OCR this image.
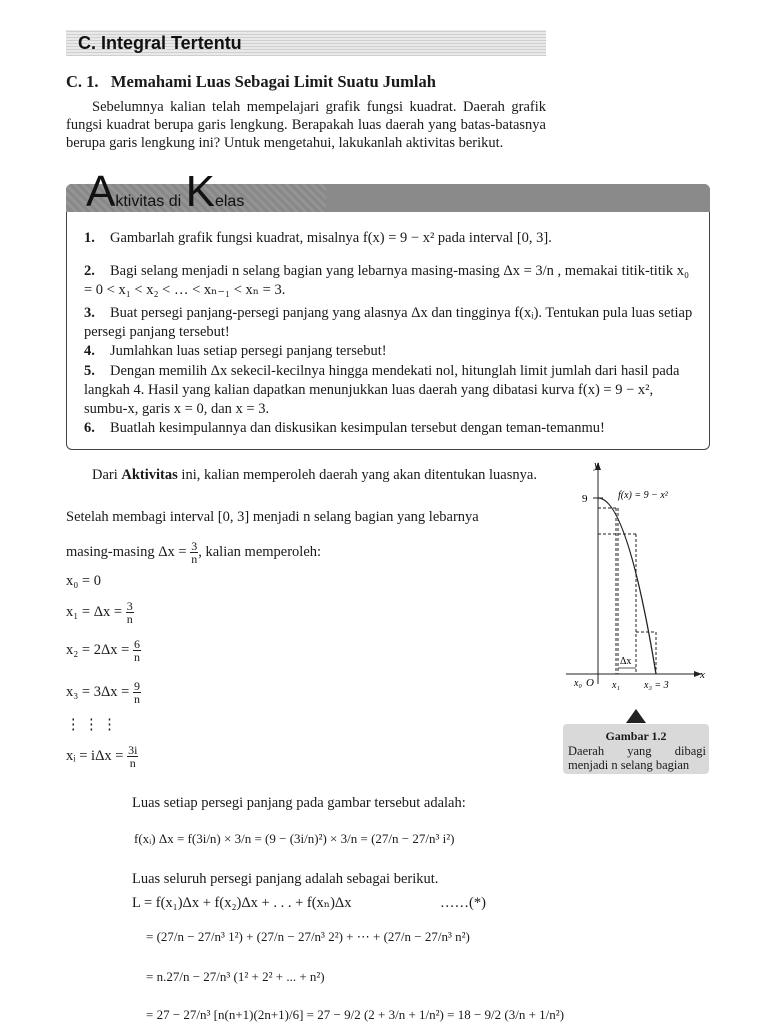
C. Integral Tertentu
C. 1. Memahami Luas Sebagai Limit Suatu Jumlah
Sebelumnya kalian telah mempelajari grafik fungsi kuadrat. Daerah grafik fungsi kuadrat berupa garis lengkung. Berapakah luas daerah yang batas-batasnya berupa garis lengkung ini? Untuk mengetahui, lakukanlah aktivitas berikut.
Aktivitas di Kelas
1. Gambarlah grafik fungsi kuadrat, misalnya f(x) = 9 − x² pada interval [0, 3].
2. Bagi selang menjadi n selang bagian yang lebarnya masing-masing Δx = 3/n , memakai titik-titik x₀ = 0 < x₁ < x₂ < … < xₙ₋₁ < xₙ = 3.
3. Buat persegi panjang-persegi panjang yang alasnya Δx dan tingginya f(xᵢ). Tentukan pula luas setiap persegi panjang tersebut!
4. Jumlahkan luas setiap persegi panjang tersebut!
5. Dengan memilih Δx sekecil-kecilnya hingga mendekati nol, hitunglah limit jumlah dari hasil pada langkah 4. Hasil yang kalian dapatkan menunjukkan luas daerah yang dibatasi kurva f(x) = 9 − x², sumbu-x, garis x = 0, dan x = 3.
6. Buatlah kesimpulannya dan diskusikan kesimpulan tersebut dengan teman-temanmu!
Dari Aktivitas ini, kalian memperoleh daerah yang akan ditentukan luasnya.
Setelah membagi interval [0, 3] menjadi n selang bagian yang lebarnya
masing-masing $\Delta x = \frac{3}{n}$ , kalian memperoleh:
x₀ = 0
$x_1 = \Delta x = \frac{3}{n}$
$x_2 = 2\Delta x = \frac{6}{n}$
$x_3 = 3\Delta x = \frac{9}{n}$
⋮ ⋮ ⋮
xᵢ = $i\Delta x = \frac{3i}{n}$
Luas setiap persegi panjang pada gambar tersebut adalah:
f(xᵢ) Δx = f(3i/n) × 3/n = (9 − (3i/n)²) × 3/n = (27/n − 27/n³ i²)
Luas seluruh persegi panjang adalah sebagai berikut.
L = f(x₁)Δx + f(x₂)Δx + . . . + f(xₙ)Δx	……(*)
= (27/n − 27/n³ 1²) + (27/n − 27/n³ 2²) + ⋯ + (27/n − 27/n³ n²)
= n.27/n − 27/n³ (1² + 2² + ... + n²)
= 27 − 27/n³ [n(n+1)(2n+1)/6] = 27 − 9/2 (2 + 3/n + 1/n²) = 18 − 9/2 (3/n + 1/n²)
Δx
y
x
9	f(x) = 9 − x²
x₀ O x₁ x₃ = 3
Gambar 1.2
Daerah yang dibagi menjadi n selang bagian
